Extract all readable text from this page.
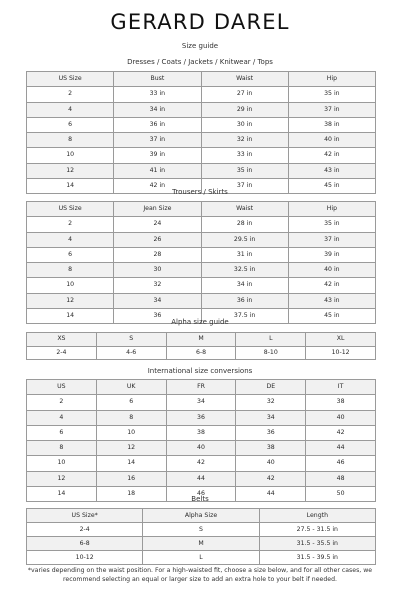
GERARD DAREL
Size guide
Dresses / Coats / Jackets / Knitwear / Tops
US Size	Bust	Waist	Hip
2	33 in	27 in	35 in
4	34 in	29 in	37 in
6	36 in	30 in	38 in
8	37 in	32 in	40 in
10	39 in	33 in	42 in
12	41 in	35 in	43 in
14	42 in	37 in	45 in
Trousers / Skirts
US Size	Jean Size	Waist	Hip
2	24	28 in	35 in
4	26	29.5 in	37 in
6	28	31 in	39 in
8	30	32.5 in	40 in
10	32	34 in	42 in
12	34	36 in	43 in
14	36	37.5 in	45 in
Alpha size guide
XS	S	M	L	XL
2-4	4-6	6-8	8-10	10-12
International size conversions
US	UK	FR	DE	IT
2	6	34	32	38
4	8	36	34	40
6	10	38	36	42
8	12	40	38	44
10	14	42	40	46
12	16	44	42	48
14	18	46	44	50
Belts
US Size*	Alpha Size	Length
2-4	S	27.5 - 31.5 in
6-8	M	31.5 - 35.5 in
10-12	L	31.5 - 39.5 in
*varies depending on the waist position. For a high-waisted fit, choose a size below, and for all other cases, we recommend selecting an equal or larger size to add an extra hole to your belt if needed.
